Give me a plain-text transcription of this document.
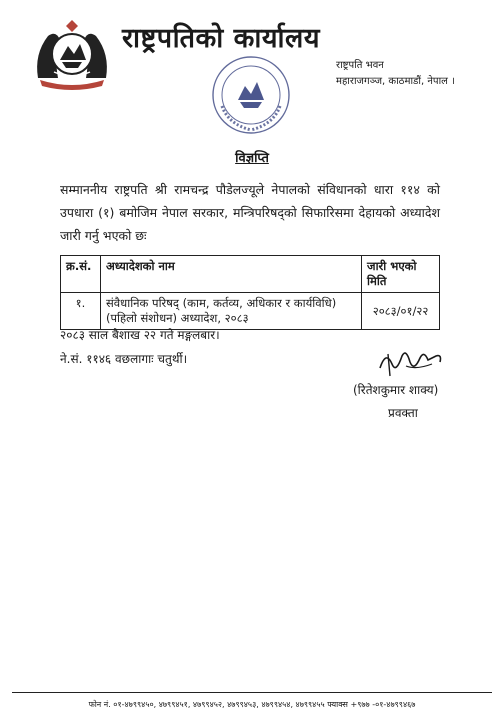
राष्ट्रपतिको कार्यालय
राष्ट्रपति भवन
महाराजगञ्ज, काठमाडौं, नेपाल ।
विज्ञप्ति
सम्माननीय राष्ट्रपति श्री रामचन्द्र पौडेलज्यूले नेपालको संविधानको धारा ११४ को उपधारा (१) बमोजिम नेपाल सरकार, मन्त्रिपरिषद्को सिफारिसमा देहायको अध्यादेश जारी गर्नु भएको छः
क्र.सं.	अध्यादेशको नाम	जारी भएको मिति
१.	संवैधानिक परिषद् (काम, कर्तव्य, अधिकार र कार्यविधि)
(पहिलो संशोधन) अध्यादेश, २०८३	२०८३/०१/२२
२०८३ साल बैशाख २२ गते मङ्गलबार।
ने.सं. ११४६ वछलागाः चतुर्थी।
(रितेशकुमार शाक्य)
प्रवक्ता
फोन नं. ०१-४७९९४५०, ४७९९४५१, ४७९९४५२, ४७९९४५३, ४७९९४५४, ४७९९४५५ फ्याक्स +९७७ -०१-४७९९४६७
